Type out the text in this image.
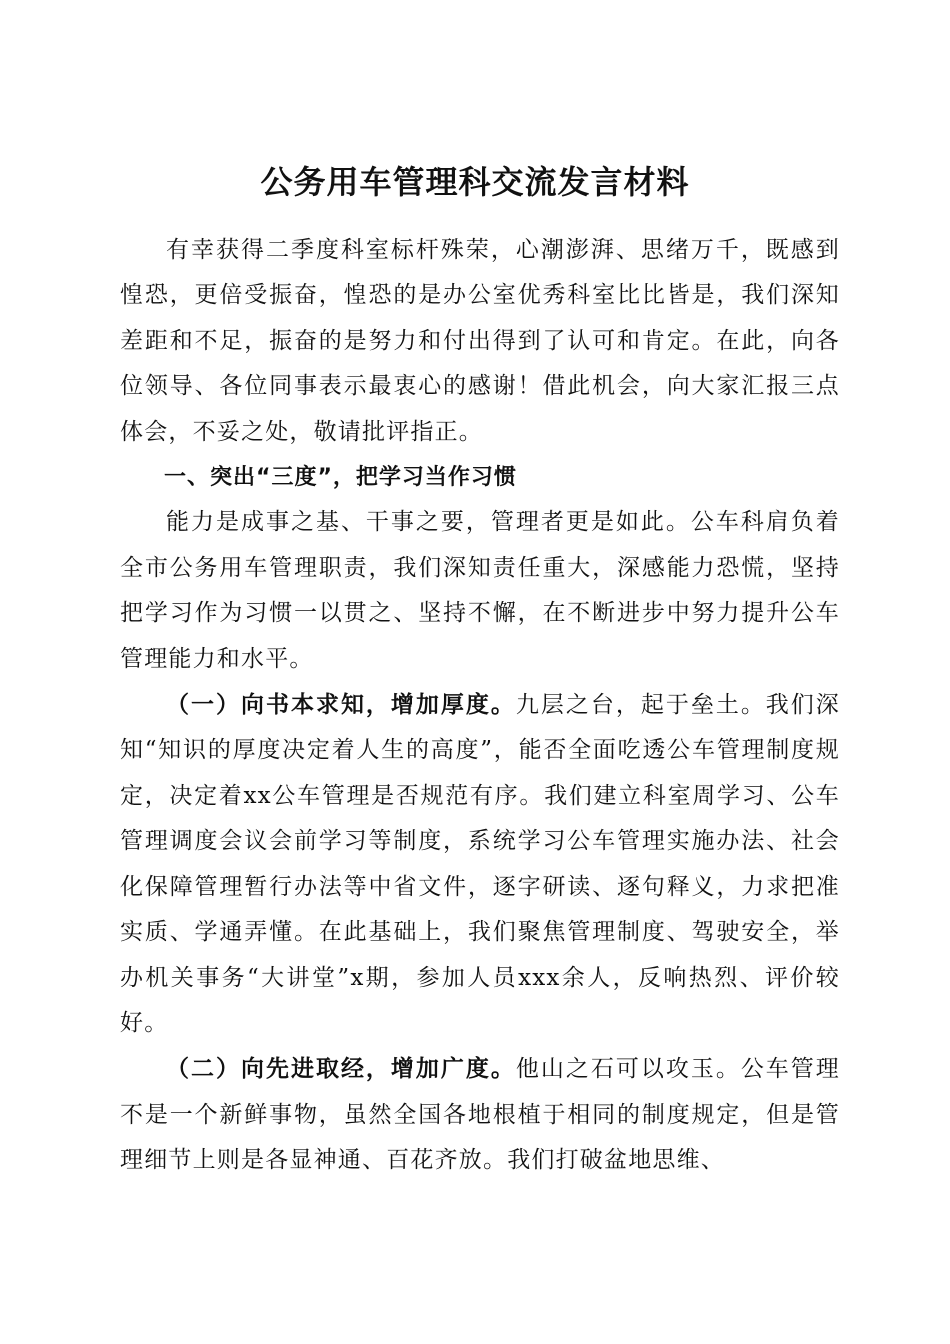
公务用车管理科交流发言材料

有幸获得二季度科室标杆殊荣，心潮澎湃、思绪万千，既感到惶恐，更倍受振奋，惶恐的是办公室优秀科室比比皆是，我们深知差距和不足，振奋的是努力和付出得到了认可和肯定。在此，向各位领导、各位同事表示最衷心的感谢！借此机会，向大家汇报三点体会，不妥之处，敬请批评指正。

一、突出“三度”，把学习当作习惯

能力是成事之基、干事之要，管理者更是如此。公车科肩负着全市公务用车管理职责，我们深知责任重大，深感能力恐慌，坚持把学习作为习惯一以贯之、坚持不懈，在不断进步中努力提升公车管理能力和水平。

（一）向书本求知，增加厚度。九层之台，起于垒土。我们深知“知识的厚度决定着人生的高度”，能否全面吃透公车管理制度规定，决定着xx公车管理是否规范有序。我们建立科室周学习、公车管理调度会议会前学习等制度，系统学习公车管理实施办法、社会化保障管理暂行办法等中省文件，逐字研读、逐句释义，力求把准实质、学通弄懂。在此基础上，我们聚焦管理制度、驾驶安全，举办机关事务“大讲堂”x期，参加人员xxx余人，反响热烈、评价较好。

（二）向先进取经，增加广度。他山之石可以攻玉。公车管理不是一个新鲜事物，虽然全国各地根植于相同的制度规定，但是管理细节上则是各显神通、百花齐放。我们打破盆地思维、
